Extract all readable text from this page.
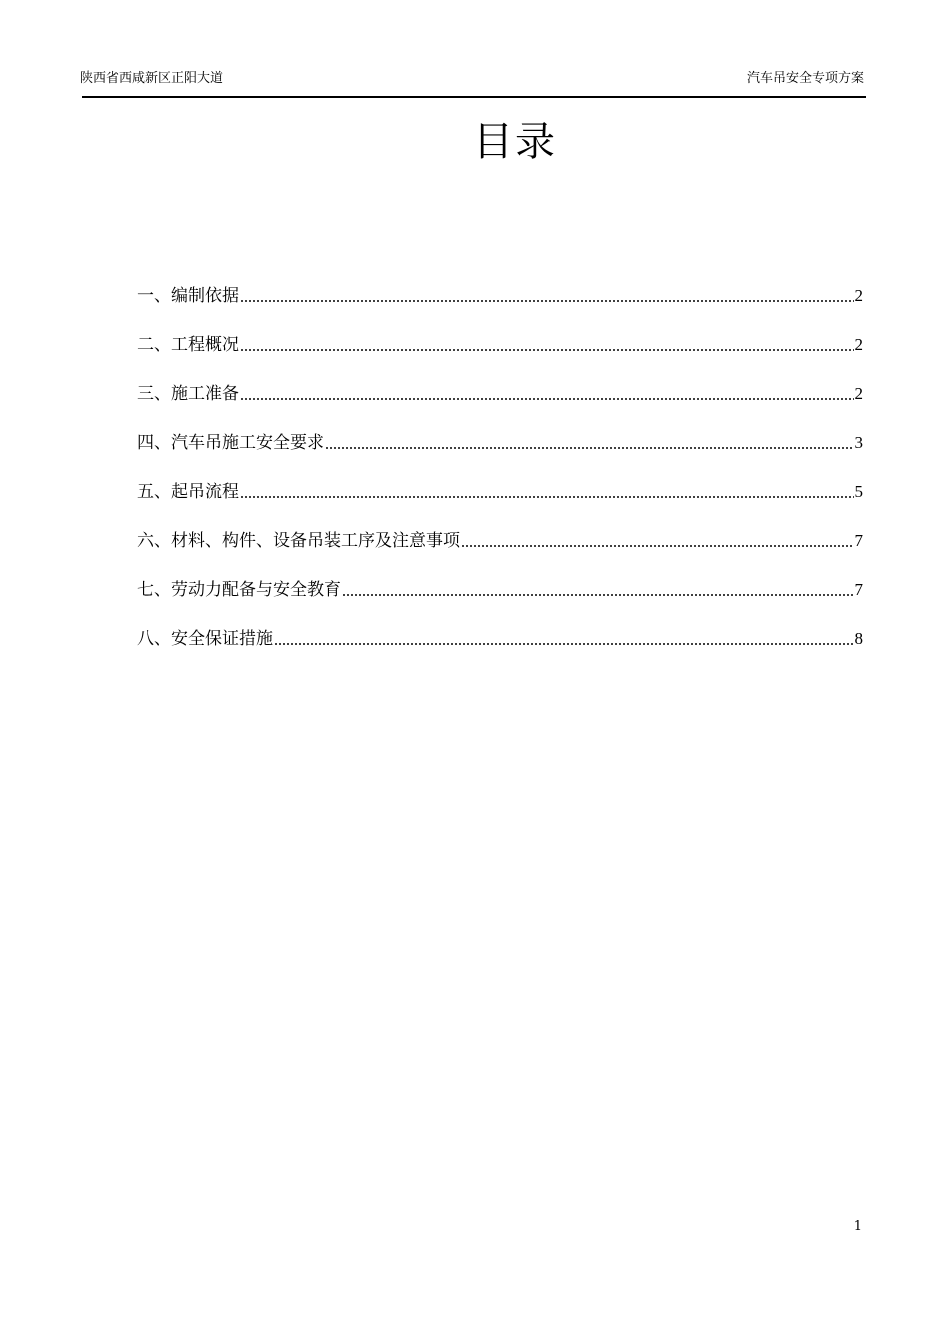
陕西省西咸新区正阳大道	汽车吊安全专项方案
目录
一、编制依据	2
二、工程概况	2
三、施工准备	2
四、汽车吊施工安全要求	3
五、起吊流程	5
六、材料、构件、设备吊装工序及注意事项	7
七、劳动力配备与安全教育	7
八、安全保证措施	8
1
